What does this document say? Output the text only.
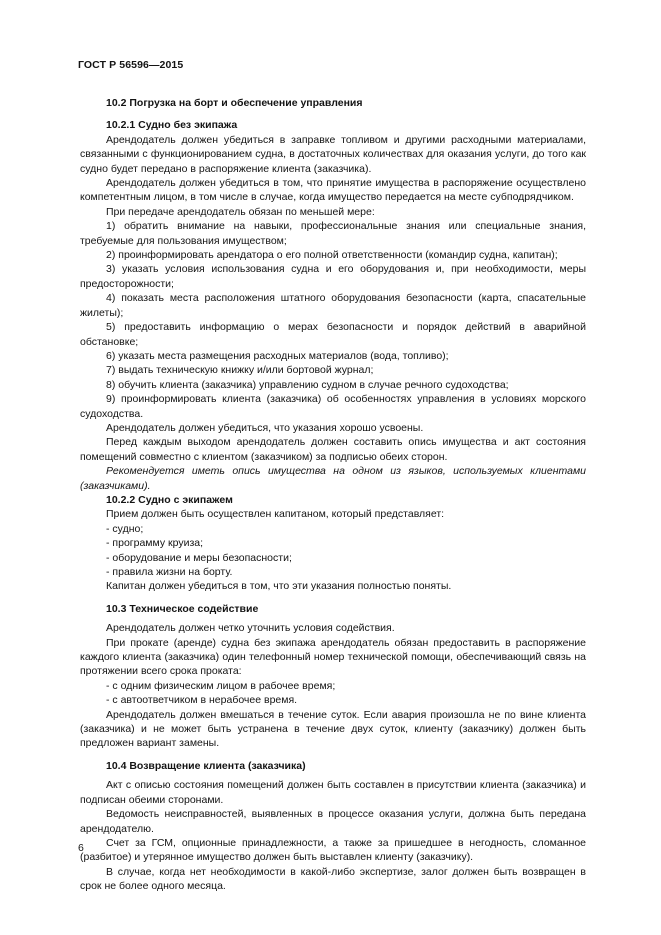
ГОСТ Р 56596—2015

10.2 Погрузка на борт и обеспечение управления

10.2.1 Судно без экипажа

Арендодатель должен убедиться в заправке топливом и другими расходными материалами, связанными с функционированием судна, в достаточных количествах для оказания услуги, до того как судно будет передано в распоряжение клиента (заказчика).

Арендодатель должен убедиться в том, что принятие имущества в распоряжение осуществлено компетентным лицом, в том числе в случае, когда имущество передается на месте субподрядчиком.

При передаче арендодатель обязан по меньшей мере:

1) обратить внимание на навыки, профессиональные знания или специальные знания, требуемые для пользования имуществом;

2) проинформировать арендатора о его полной ответственности (командир судна, капитан);

3) указать условия использования судна и его оборудования и, при необходимости, меры предосторожности;

4) показать места расположения штатного оборудования безопасности (карта, спасательные жилеты);

5) предоставить информацию о мерах безопасности и порядок действий в аварийной обстановке;

6) указать места размещения расходных материалов (вода, топливо);

7) выдать техническую книжку и/или бортовой журнал;

8) обучить клиента (заказчика) управлению судном в случае речного судоходства;

9) проинформировать клиента (заказчика) об особенностях управления в условиях морского судоходства.

Арендодатель должен убедиться, что указания хорошо усвоены.

Перед каждым выходом арендодатель должен составить опись имущества и акт состояния помещений совместно с клиентом (заказчиком) за подписью обеих сторон.

Рекомендуется иметь опись имущества на одном из языков, используемых клиентами (заказчиками).

10.2.2 Судно с экипажем

Прием должен быть осуществлен капитаном, который представляет:

- судно;

- программу круиза;

- оборудование и меры безопасности;

- правила жизни на борту.

Капитан должен убедиться в том, что эти указания полностью поняты.

10.3 Техническое содействие

Арендодатель должен четко уточнить условия содействия.

При прокате (аренде) судна без экипажа арендодатель обязан предоставить в распоряжение каждого клиента (заказчика) один телефонный номер технической помощи, обеспечивающий связь на протяжении всего срока проката:

- с одним физическим лицом в рабочее время;

- с автоответчиком в нерабочее время.

Арендодатель должен вмешаться в течение суток. Если авария произошла не по вине клиента (заказчика) и не может быть устранена в течение двух суток, клиенту (заказчику) должен быть предложен вариант замены.

10.4 Возвращение клиента (заказчика)

Акт с описью состояния помещений должен быть составлен в присутствии клиента (заказчика) и подписан обеими сторонами.

Ведомость неисправностей, выявленных в процессе оказания услуги, должна быть передана арендодателю.

Счет за ГСМ, опционные принадлежности, а также за пришедшее в негодность, сломанное (разбитое) и утерянное имущество должен быть выставлен клиенту (заказчику).

В случае, когда нет необходимости в какой-либо экспертизе, залог должен быть возвращен в срок не более одного месяца.

6
